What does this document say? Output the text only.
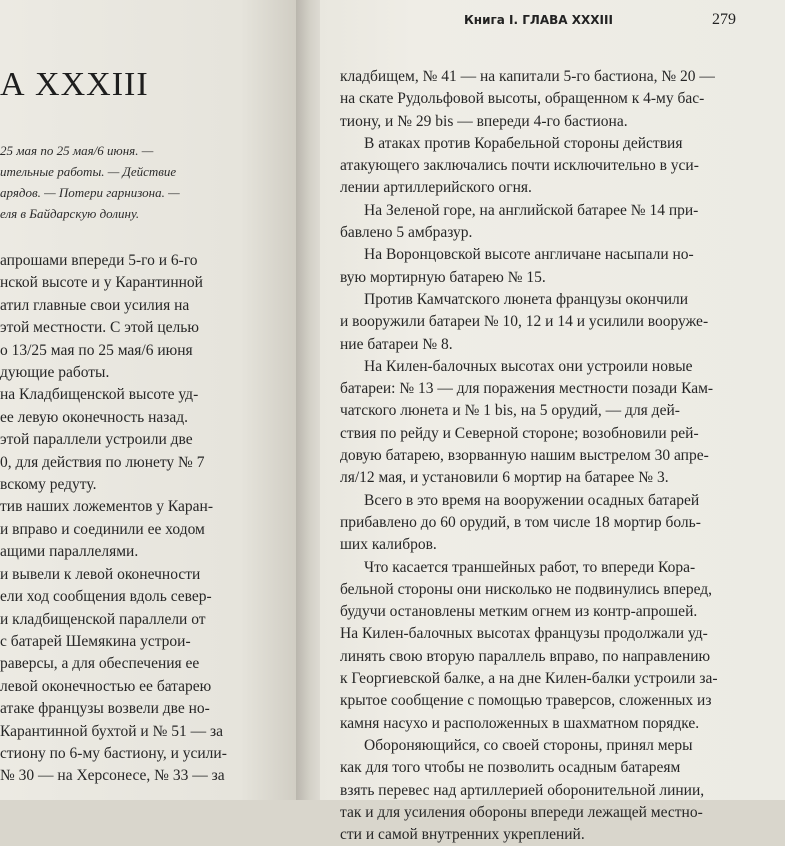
А XXXIII
25 мая по 25 мая/6 июня. —
ительные работы. — Действие
арядов. — Потери гарнизона. —
еля в Байдарскую долину.
апрошами впереди 5-го и 6-го
нской высоте и у Карантинной
атил главные свои усилия на
этой местности. С этой целью
о 13/25 мая по 25 мая/6 июня
дующие работы.
на Кладбищенской высоте уд-
ее левую оконечность назад.
этой параллели устроили две
0, для действия по люнету № 7
вскому редуту.
тив наших ложементов у Каран-
и вправо и соединили ее ходом
ащими параллелями.
и вывели к левой оконечности
ели ход сообщения вдоль север-
и кладбищенской параллели от
с батарей Шемякина устрои-
раверсы, а для обеспечения ее
левой оконечностью ее батарею
атаке французы возвели две но-
Карантинной бухтой и № 51 — за
стиону по 6-му бастиону, и усили-
№ 30 — на Херсонесе, № 33 — за
Книга I. ГЛАВА XXXIII	279
кладбищем, № 41 — на капитали 5-го бастиона, № 20 —
на скате Рудольфовой высоты, обращенном к 4-му бас-
тиону, и № 29 bis — впереди 4-го бастиона.
В атаках против Корабельной стороны действия
атакующего заключались почти исключительно в уси-
лении артиллерийского огня.
На Зеленой горе, на английской батарее № 14 при-
бавлено 5 амбразур.
На Воронцовской высоте англичане насыпали но-
вую мортирную батарею № 15.
Против Камчатского люнета французы окончили
и вооружили батареи № 10, 12 и 14 и усилили вооруже-
ние батареи № 8.
На Килен-балочных высотах они устроили новые
батареи: № 13 — для поражения местности позади Кам-
чатского люнета и № 1 bis, на 5 орудий, — для дей-
ствия по рейду и Северной стороне; возобновили рей-
довую батарею, взорванную нашим выстрелом 30 апре-
ля/12 мая, и установили 6 мортир на батарее № 3.
Всего в это время на вооружении осадных батарей
прибавлено до 60 орудий, в том числе 18 мортир боль-
ших калибров.
Что касается траншейных работ, то впереди Кора-
бельной стороны они нисколько не подвинулись вперед,
будучи остановлены метким огнем из контр-апрошей.
На Килен-балочных высотах французы продолжали уд-
линять свою вторую параллель вправо, по направлению
к Георгиевской балке, а на дне Килен-балки устроили за-
крытое сообщение с помощью траверсов, сложенных из
камня насухо и расположенных в шахматном порядке.
Обороняющийся, со своей стороны, принял меры
как для того чтобы не позволить осадным батареям
взять перевес над артиллерией оборонительной линии,
так и для усиления обороны впереди лежащей местно-
сти и самой внутренних укреплений.
